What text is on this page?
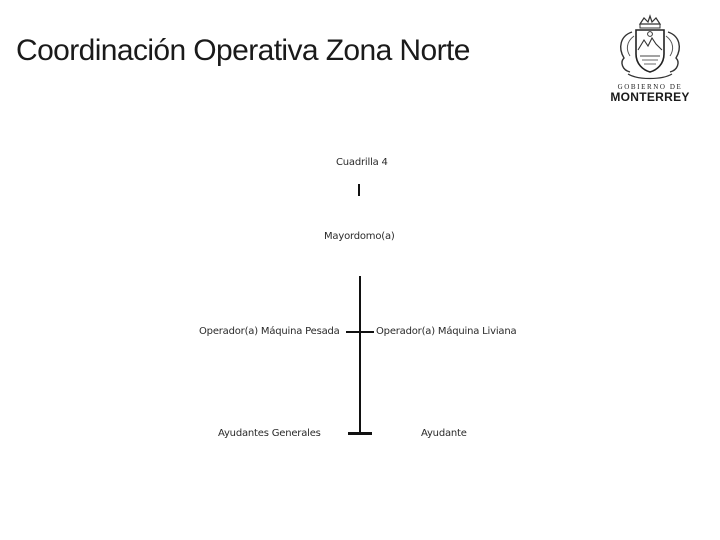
Coordinación Operativa Zona Norte
GOBIERNO DE
MONTERREY
Cuadrilla 4
Mayordomo(a)
Operador(a) Máquina Pesada	Operador(a) Máquina Liviana
Ayudantes Generales	Ayudante
